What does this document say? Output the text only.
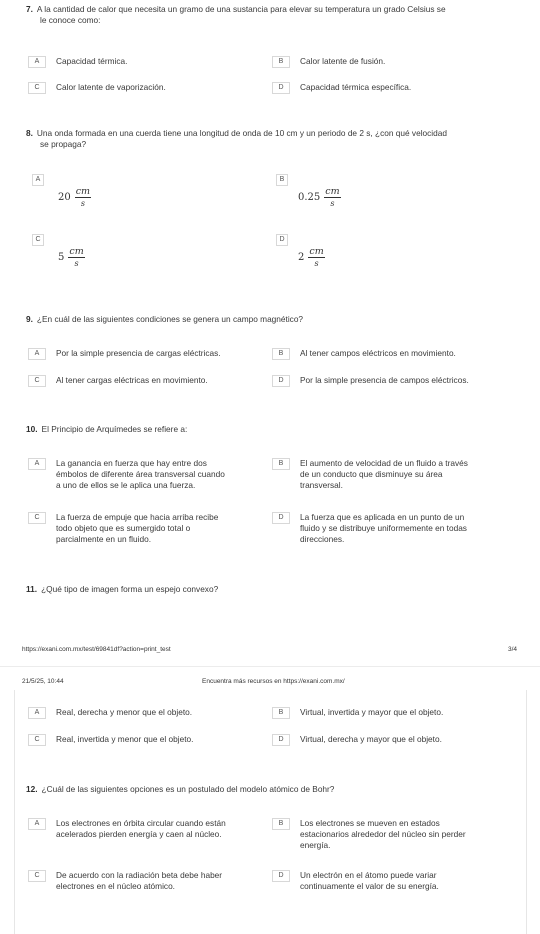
7. A la cantidad de calor que necesita un gramo de una sustancia para elevar su temperatura un grado Celsius se
le conoce como:
A	Capacidad térmica.	B	Calor latente de fusión.
C	Calor latente de vaporización.	D	Capacidad térmica específica.
8. Una onda formada en una cuerda tiene una longitud de onda de 10 cm y un periodo de 2 s, ¿con qué velocidad
se propaga?
A
$20 \frac{cm}{s}$
B
$0.25 \frac{cm}{s}$
C
$5 \frac{cm}{s}$
D
$2 \frac{cm}{s}$
9. ¿En cuál de las siguientes condiciones se genera un campo magnético?
A	Por la simple presencia de cargas eléctricas.	B	Al tener campos eléctricos en movimiento.
C	Al tener cargas eléctricas en movimiento.	D	Por la simple presencia de campos eléctricos.
10. El Principio de Arquímedes se refiere a:
A	La ganancia en fuerza que hay entre dos
émbolos de diferente área transversal cuando
a uno de ellos se le aplica una fuerza.
B	El aumento de velocidad de un fluido a través
de un conducto que disminuye su área
transversal.
C	La fuerza de empuje que hacia arriba recibe
todo objeto que es sumergido total o
parcialmente en un fluido.
D	La fuerza que es aplicada en un punto de un
fluido y se distribuye uniformemente en todas
direcciones.
11. ¿Qué tipo de imagen forma un espejo convexo?
https://exani.com.mx/test/69841df?action=print_test	3/4
21/5/25, 10:44	Encuentra más recursos en https://exani.com.mx/
A	Real, derecha y menor que el objeto.	B	Virtual, invertida y mayor que el objeto.
C	Real, invertida y menor que el objeto.	D	Virtual, derecha y mayor que el objeto.
12. ¿Cuál de las siguientes opciones es un postulado del modelo atómico de Bohr?
A	Los electrones en órbita circular cuando están
acelerados pierden energía y caen al núcleo.
B	Los electrones se mueven en estados
estacionarios alrededor del núcleo sin perder
energía.
C	De acuerdo con la radiación beta debe haber
electrones en el núcleo atómico.
D	Un electrón en el átomo puede variar
continuamente el valor de su energía.
